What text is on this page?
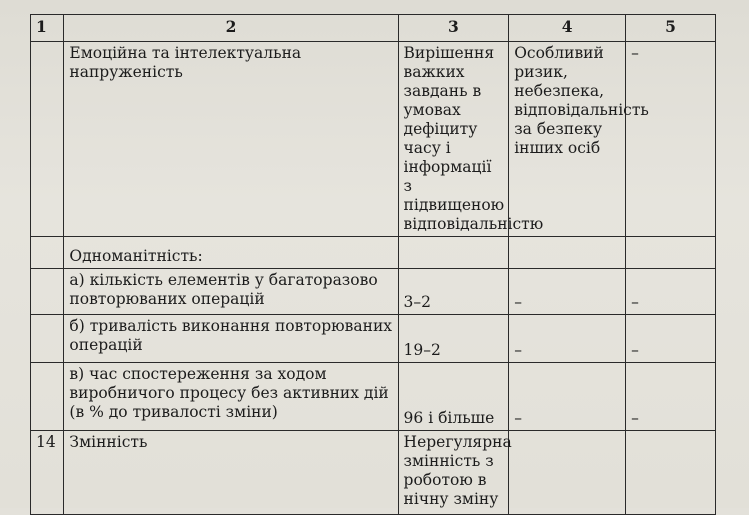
1	2	3	4	5
	Емоційна та інтелектуальна напруженість	Вирішення важких завдань в умовах дефіциту часу і інформації з підвищеною відповідальністю	Особливий ризик, небезпека, відповідальність за безпеку інших осіб	–
	Одноманітність:			
	а) кількість елементів у багаторазово повторюваних операцій	3–2	–	–
	б) тривалість виконання повторюваних операцій	19–2	–	–
	в) час спостереження за ходом виробничого процесу без активних дій (в % до тривалості зміни)	96 і більше	–	–
14	Змінність	Нерегулярна змінність з роботою в нічну зміну		
